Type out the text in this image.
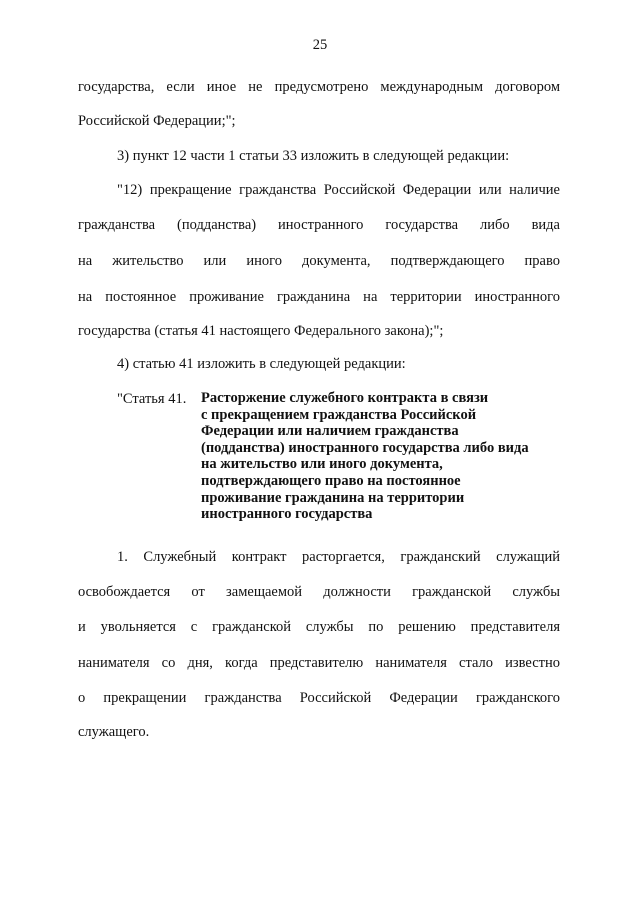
25
государства, если иное не предусмотрено международным договором
Российской Федерации;";
3) пункт 12 части 1 статьи 33 изложить в следующей редакции:
"12) прекращение гражданства Российской Федерации или наличие
гражданства (подданства) иностранного государства либо вида
на жительство или иного документа, подтверждающего право
на постоянное проживание гражданина на территории иностранного
государства (статья 41 настоящего Федерального закона);";
4) статью 41 изложить в следующей редакции:
"Статья 41. Расторжение служебного контракта в связи
с прекращением гражданства Российской
Федерации или наличием гражданства
(подданства) иностранного государства либо вида
на жительство или иного документа,
подтверждающего право на постоянное
проживание гражданина на территории
иностранного государства
1. Служебный контракт расторгается, гражданский служащий
освобождается от замещаемой должности гражданской службы
и увольняется с гражданской службы по решению представителя
нанимателя со дня, когда представителю нанимателя стало известно
о прекращении гражданства Российской Федерации гражданского
служащего.
